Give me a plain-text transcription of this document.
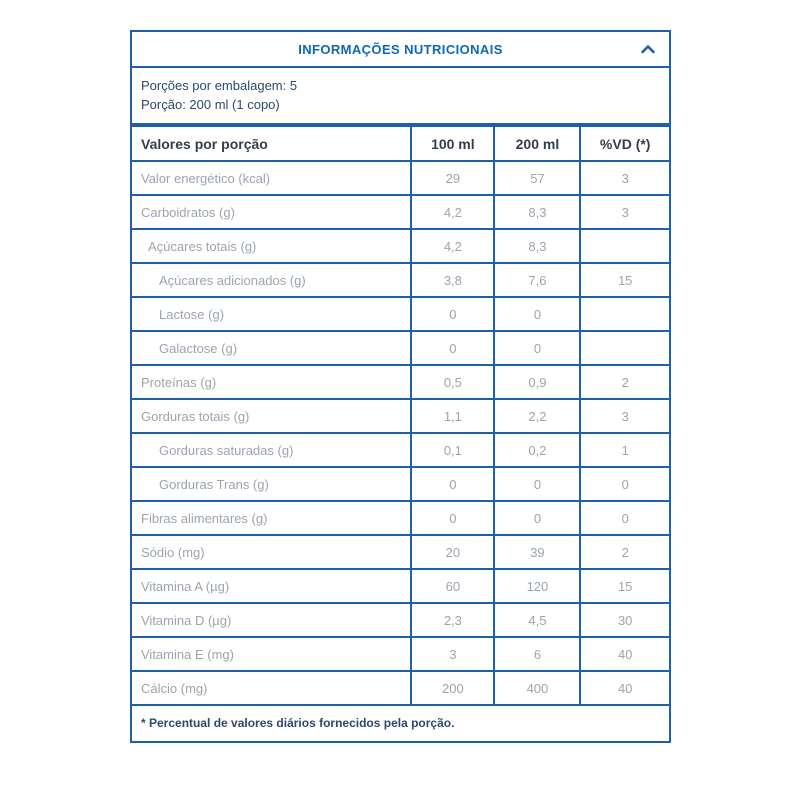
INFORMAÇÕES NUTRICIONAIS
Porções por embalagem: 5
Porção: 200 ml (1 copo)
Valores por porção	100 ml	200 ml	%VD (*)
Valor energético (kcal)	29	57	3
Carboidratos (g)	4,2	8,3	3
Açúcares totais (g)	4,2	8,3	
Açúcares adicionados (g)	3,8	7,6	15
Lactose (g)	0	0	
Galactose (g)	0	0	
Proteínas (g)	0,5	0,9	2
Gorduras totais (g)	1,1	2,2	3
Gorduras saturadas (g)	0,1	0,2	1
Gorduras Trans (g)	0	0	0
Fibras alimentares (g)	0	0	0
Sódio (mg)	20	39	2
Vitamina A (µg)	60	120	15
Vitamina D (µg)	2,3	4,5	30
Vitamina E (mg)	3	6	40
Cálcio (mg)	200	400	40
* Percentual de valores diários fornecidos pela porção.
